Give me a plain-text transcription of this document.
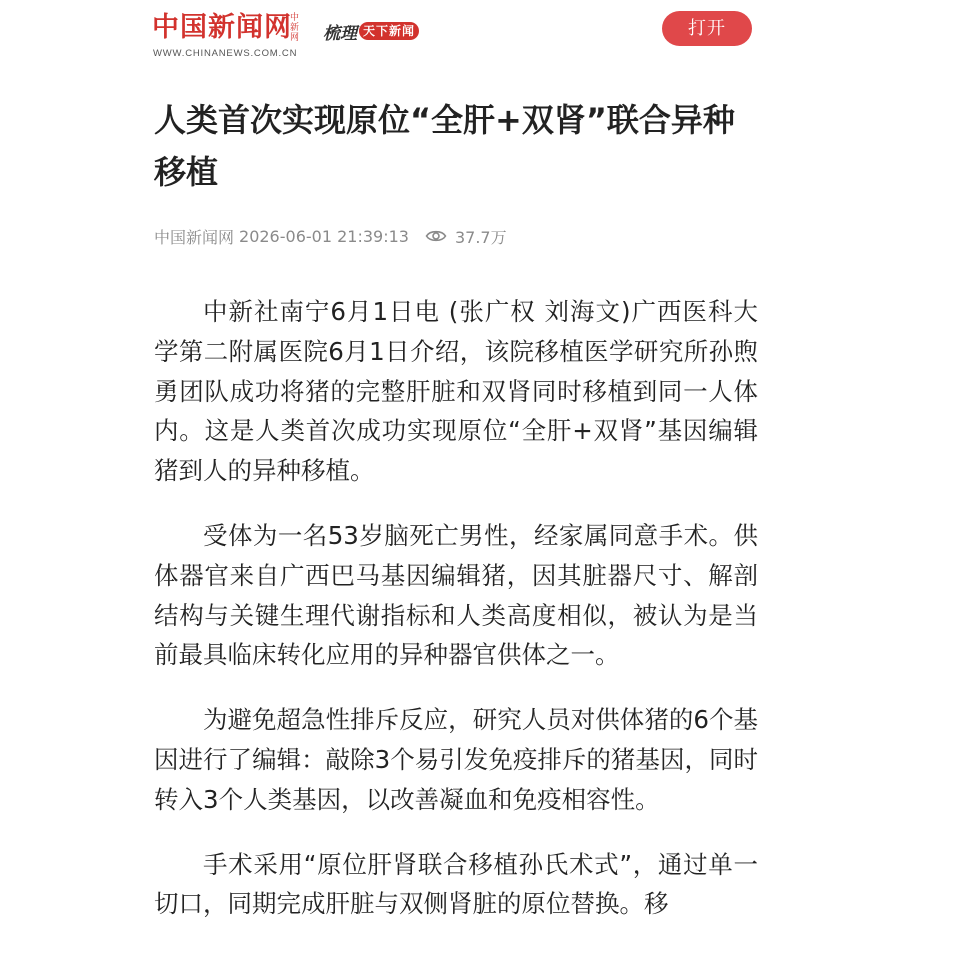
中国新闻网
中新网
WWW.CHINANEWS.COM.CN
梳理 天下新闻	打开
人类首次实现原位“全肝+双肾”联合异种移植
中国新闻网 2026-06-01 21:39:13	37.7万

中新社南宁6月1日电 (张广权 刘海文)广西医科大学第二附属医院6月1日介绍，该院移植医学研究所孙煦勇团队成功将猪的完整肝脏和双肾同时移植到同一人体内。这是人类首次成功实现原位“全肝+双肾”基因编辑猪到人的异种移植。

受体为一名53岁脑死亡男性，经家属同意手术。供体器官来自广西巴马基因编辑猪，因其脏器尺寸、解剖结构与关键生理代谢指标和人类高度相似，被认为是当前最具临床转化应用的异种器官供体之一。

为避免超急性排斥反应，研究人员对供体猪的6个基因进行了编辑：敲除3个易引发免疫排斥的猪基因，同时转入3个人类基因，以改善凝血和免疫相容性。

手术采用“原位肝肾联合移植孙氏术式”，通过单一切口，同期完成肝脏与双侧肾脏的原位替换。移
